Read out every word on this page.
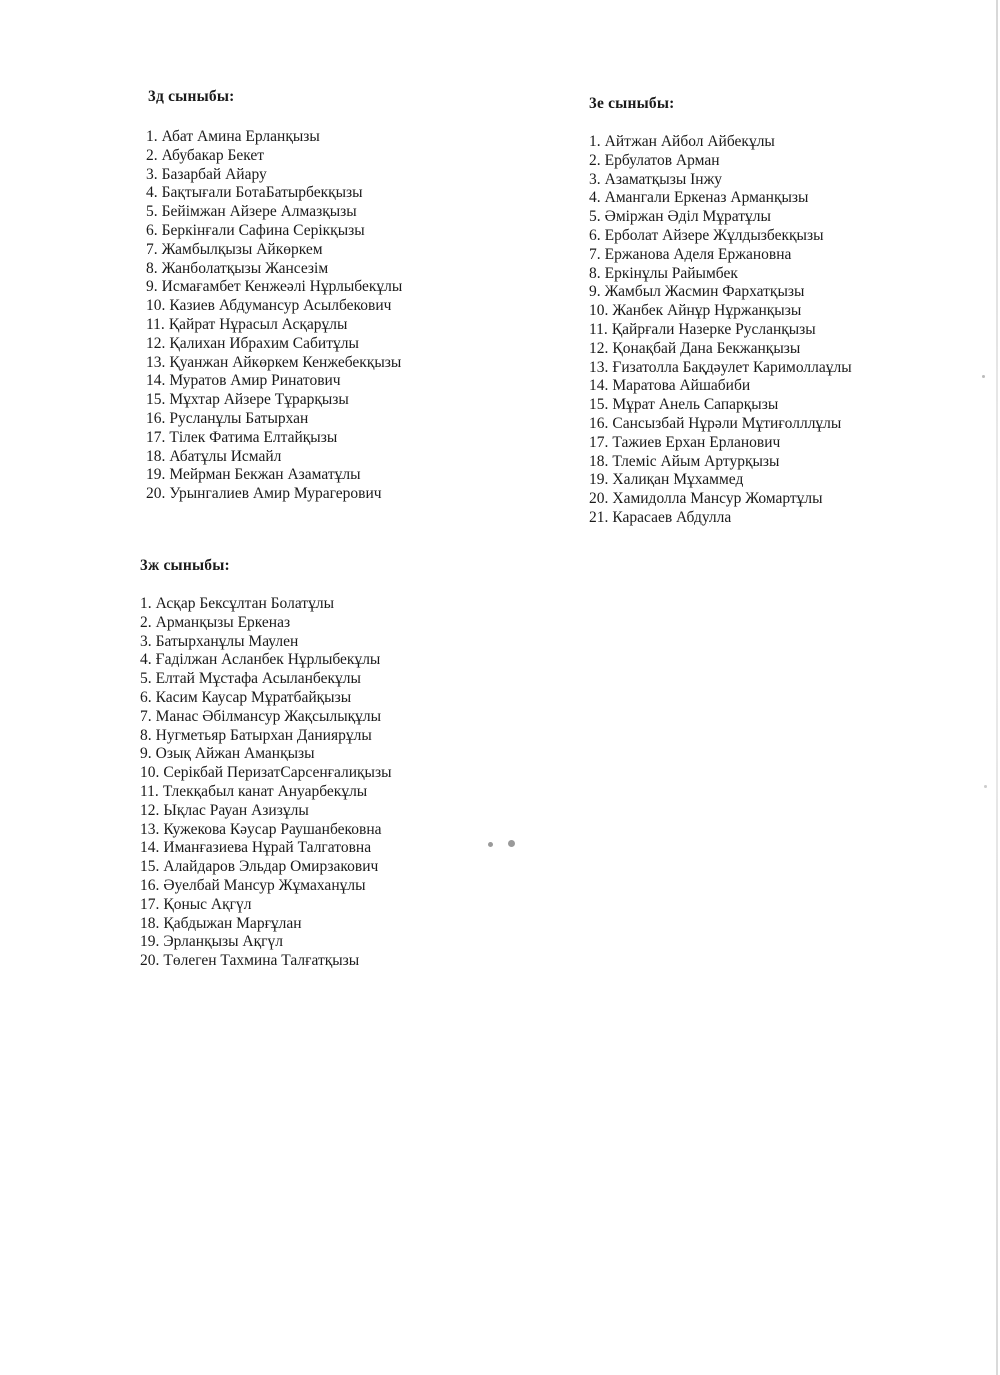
3д сыныбы:
1. Абат Амина Ерланқызы
2. Абубакар Бекет
3. Базарбай Айару
4. Бақтығали БотаБатырбекқызы
5. Бейімжан Айзере Алмазқызы
6. Беркінғали Сафина Серікқызы
7. Жамбылқызы Айкөркем
8. Жанболатқызы Жансезім
9. Исмағамбет Кенжеәлі Нұрлыбекұлы
10. Казиев Абдумансур Асылбекович
11. Қайрат Нұрасыл Асқарұлы
12. Қалихан Ибрахим Сабитұлы
13. Қуанжан Айкөркем Кенжебекқызы
14. Муратов Амир Ринатович
15. Мұхтар Айзере Тұрарқызы
16. Русланұлы Батырхан
17. Тілек Фатима Елтайқызы
18. Абатұлы Исмайл
19. Мейрман Бекжан Азаматұлы
20. Урынгалиев Амир Мурагерович
3е сыныбы:
1. Айтжан Айбол Айбекұлы
2. Ербулатов Арман
3. Азаматқызы Інжу
4. Амангали Еркеназ Арманқызы
5. Әміржан Әділ Мұратұлы
6. Ерболат Айзере Жұлдызбекқызы
7. Ержанова Аделя Ержановна
8. Еркінұлы Райымбек
9. Жамбыл Жасмин Фархатқызы
10. Жанбек Айнұр Нұржанқызы
11. Қайрғали Назерке Русланқызы
12. Қонақбай Дана Бекжанқызы
13. Ғизатолла Бақдәулет Каримоллаұлы
14. Маратова Айшабиби
15. Мұрат Анель Сапарқызы
16. Сансызбай Нұрәли Мұтиғолллұлы
17. Тажиев Ерхан Ерланович
18. Тлеміс Айым Артурқызы
19. Халиқан Мұхаммед
20. Хамидолла Мансур Жомартұлы
21. Карасаев Абдулла
3ж сыныбы:
1. Асқар Бексұлтан Болатұлы
2. Арманқызы Еркеназ
3. Батырханұлы Маулен
4. Ғаділжан Асланбек Нұрлыбекұлы
5. Елтай Мұстафа Асыланбекұлы
6. Касим Каусар Мұратбайқызы
7. Манас Әбілмансур Жақсылықұлы
8. Нугметьяр Батырхан Даниярұлы
9. Озық Айжан Аманқызы
10. Серікбай ПеризатСарсенғалиқызы
11. Тлекқабыл канат Ануарбекұлы
12. Ықлас Рауан Азизұлы
13. Кужекова Кәусар Раушанбековна
14. Иманғазиева Нұрай Талгатовна
15. Алайдаров Эльдар Омирзакович
16. Әуелбай Мансур Жұмаханұлы
17. Қоныс Ақгүл
18. Қабдыжан Марғұлан
19. Эрланқызы Ақгүл
20. Төлеген Тахмина Талғатқызы
